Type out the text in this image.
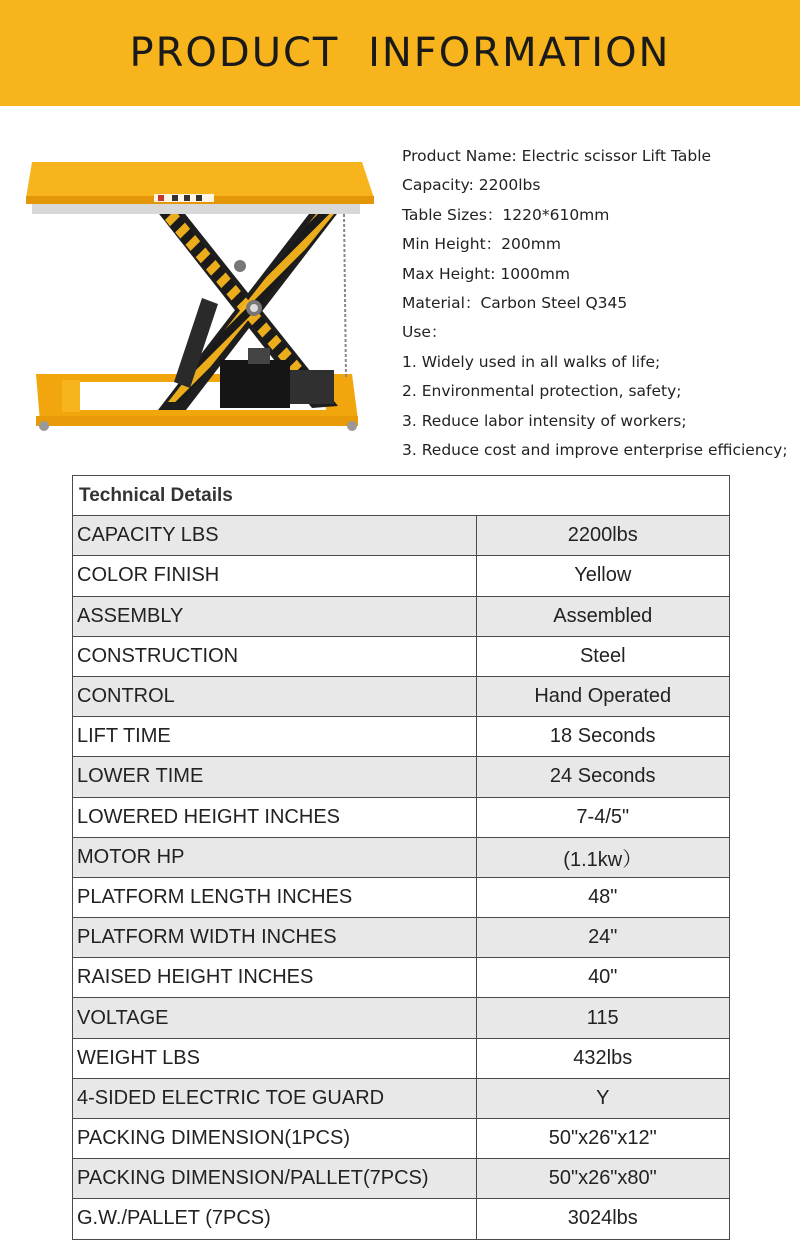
PRODUCT INFORMATION
Product Name: Electric scissor Lift Table
Capacity: 2200lbs
Table Sizes：1220*610mm
Min Height：200mm
Max Height: 1000mm
Material：Carbon Steel Q345
Use：
1. Widely used in all walks of life;
2. Environmental protection, safety;
3. Reduce labor intensity of workers;
3. Reduce cost and improve enterprise efficiency;
Technical Details	
CAPACITY LBS	2200lbs
COLOR FINISH	Yellow
ASSEMBLY	Assembled
CONSTRUCTION	Steel
CONTROL	Hand Operated
LIFT TIME	18 Seconds
LOWER TIME	24 Seconds
LOWERED HEIGHT INCHES	7-4/5"
MOTOR HP	(1.1kw）
PLATFORM LENGTH INCHES	48"
PLATFORM WIDTH INCHES	24"
RAISED HEIGHT INCHES	40"
VOLTAGE	115
WEIGHT LBS	432lbs
4-SIDED ELECTRIC TOE GUARD	Y
PACKING DIMENSION(1PCS)	50"x26"x12"
PACKING DIMENSION/PALLET(7PCS)	50"x26"x80"
G.W./PALLET (7PCS)	3024lbs
